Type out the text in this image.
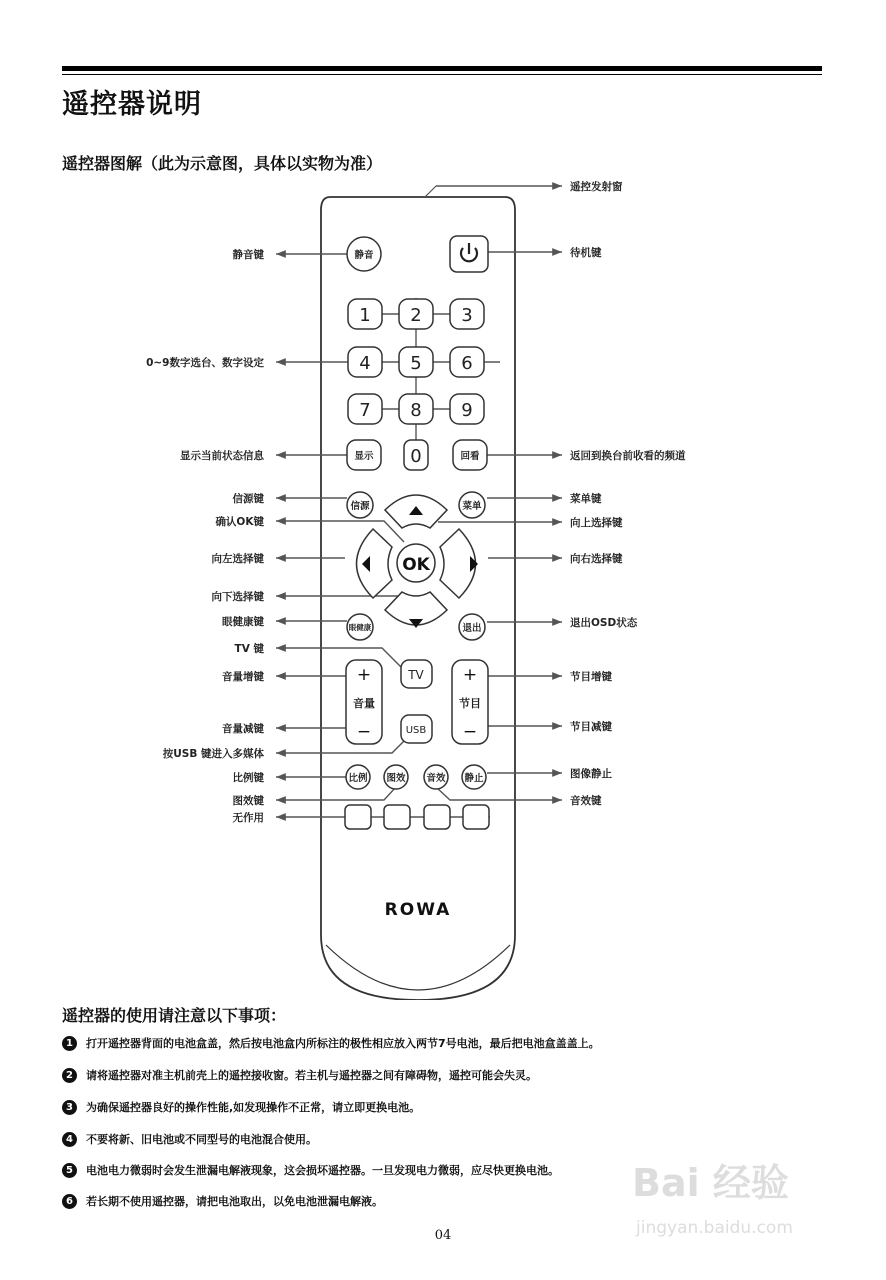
遥控器说明
遥控器图解（此为示意图，具体以实物为准）
静音
1 2 3
4 5 6
7 8 9
显示 0	回看
信源	菜单
OK
眼健康	退出
TV
USB
+
音量
−
+
节目
−
比例 图效 音效 静止
ROWA
静音键
0~9数字选台、数字设定
显示当前状态信息
信源键
确认OK键
向左选择键
向下选择键
眼健康键
TV 键
音量增键
音量减键
按USB 键进入多媒体
比例键
图效键
无作用
遥控发射窗
待机键
返回到换台前收看的频道
菜单键
向上选择键
向右选择键
退出OSD状态
节目增键
节目减键
图像静止
音效键
遥控器的使用请注意以下事项：
1	打开遥控器背面的电池盒盖，然后按电池盒内所标注的极性相应放入两节7号电池，最后把电池盒盖盖上。
2	请将遥控器对准主机前壳上的遥控接收窗。若主机与遥控器之间有障碍物，遥控可能会失灵。
3	为确保遥控器良好的操作性能,如发现操作不正常，请立即更换电池。
4	不要将新、旧电池或不同型号的电池混合使用。
5	电池电力微弱时会发生泄漏电解液现象，这会损坏遥控器。一旦发现电力微弱，应尽快更换电池。
6	若长期不使用遥控器，请把电池取出，以免电池泄漏电解液。	Bai 经验
jingyan.baidu.com
04
